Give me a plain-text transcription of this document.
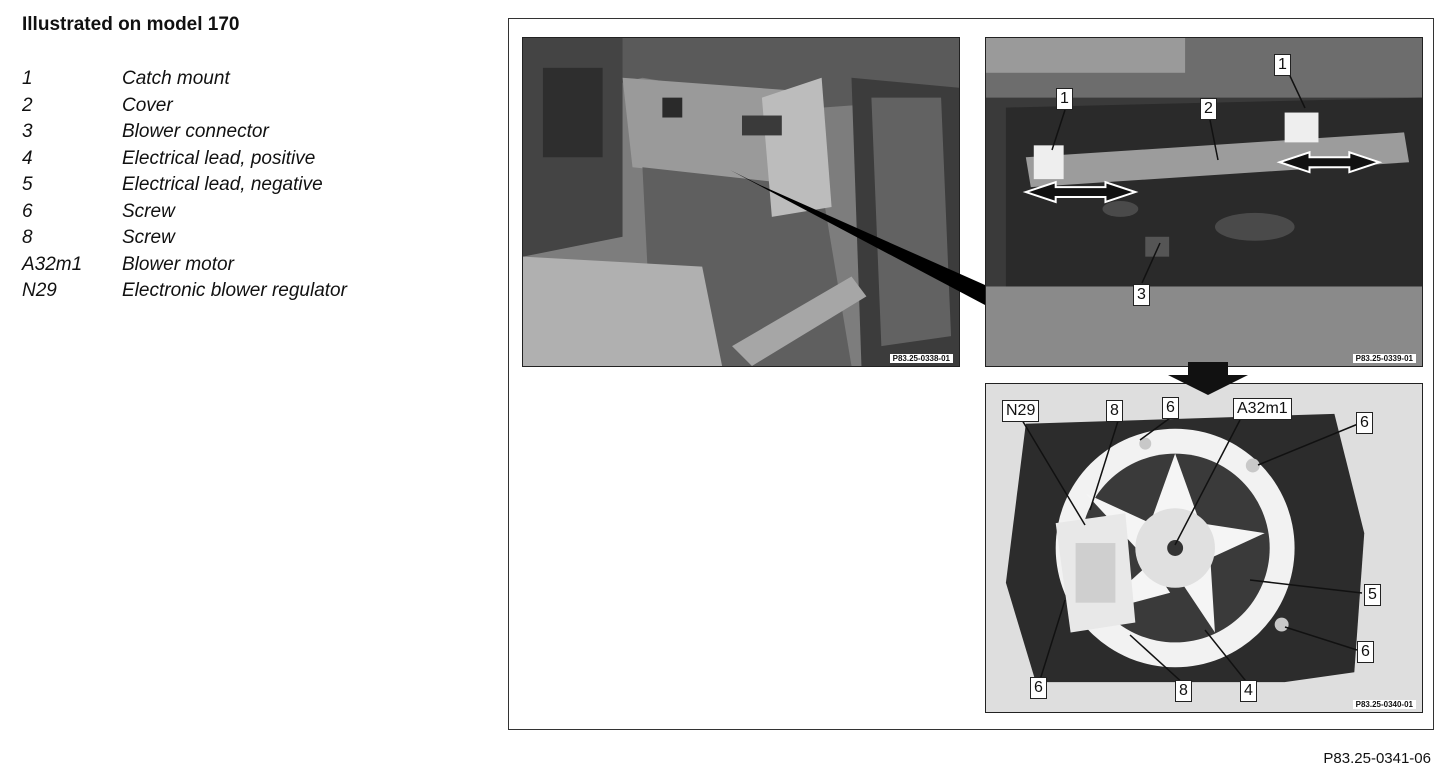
Illustrated on model 170
1	Catch mount
2	Cover
3	Blower connector
4	Electrical lead, positive
5	Electrical lead, negative
6	Screw
8	Screw
A32m1 Blower motor
N29	Electronic blower regulator
P83.25-0338-01	P83.25-0339-01
P83.25-0340-01
1
1
2
3
N29	8	6	A32m1
6
5
6
4
8
6
P83.25-0341-06
